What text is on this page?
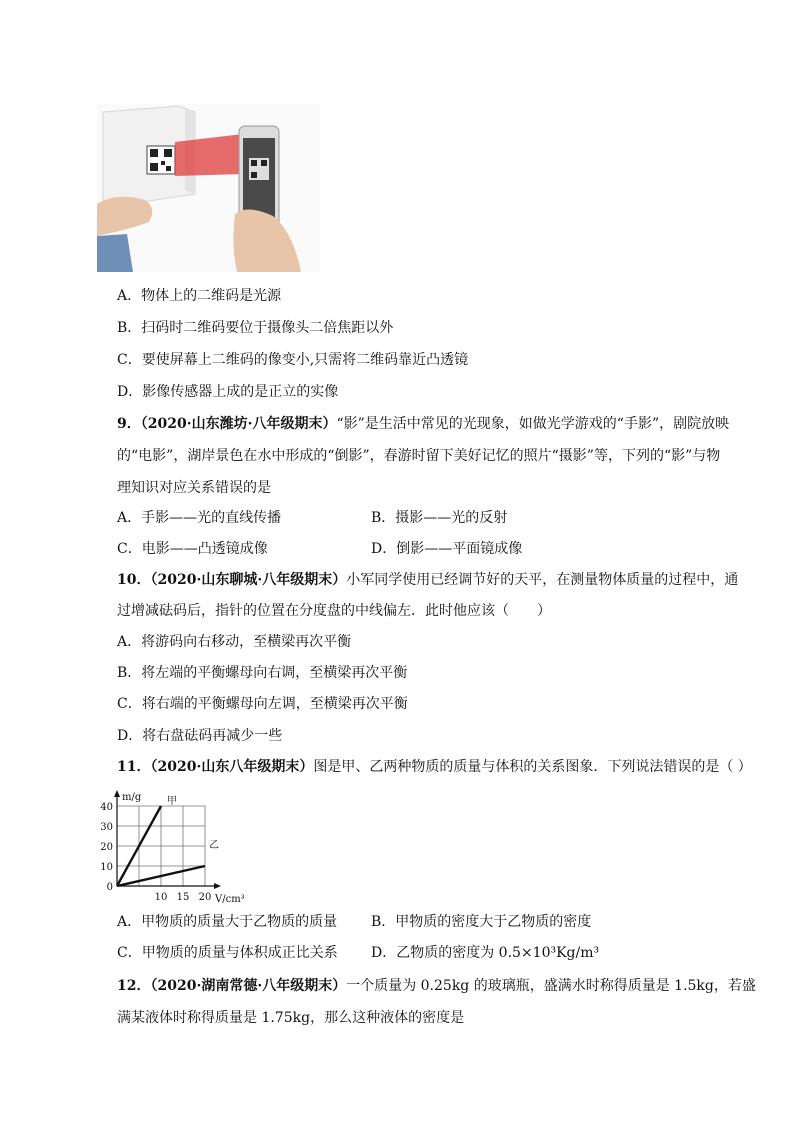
A．物体上的二维码是光源
B．扫码时二维码要位于摄像头二倍焦距以外
C．要使屏幕上二维码的像变小,只需将二维码靠近凸透镜
D．影像传感器上成的是正立的实像
9．（2020·山东潍坊·八年级期末）“影”是生活中常见的光现象，如做光学游戏的“手影”，剧院放映
的“电影”，湖岸景色在水中形成的“倒影”，春游时留下美好记忆的照片“摄影”等，下列的“影”与物
理知识对应关系错误的是
A．手影——光的直线传播	B．摄影——光的反射
C．电影——凸透镜成像	D．倒影——平面镜成像
10．（2020·山东聊城·八年级期末）小军同学使用已经调节好的天平，在测量物体质量的过程中，通
过增减砝码后，指针的位置在分度盘的中线偏左．此时他应该（　　）
A．将游码向右移动，至横梁再次平衡
B．将左端的平衡螺母向右调，至横梁再次平衡
C．将右端的平衡螺母向左调，至横梁再次平衡
D．将右盘砝码再减少一些
11．（2020·山东八年级期末）图是甲、乙两种物质的质量与体积的关系图象．下列说法错误的是（ ）
10
20
30
40
0
10 15 20
m/g
V/cm³
甲
乙
A．甲物质的质量大于乙物质的质量 B．甲物质的密度大于乙物质的密度
C．甲物质的质量与体积成正比关系 D．乙物质的密度为 0.5×10³Kg/m³
12．（2020·湖南常德·八年级期末）一个质量为 0.25kg 的玻璃瓶，盛满水时称得质量是 1.5kg，若盛
满某液体时称得质量是 1.75kg，那么这种液体的密度是
